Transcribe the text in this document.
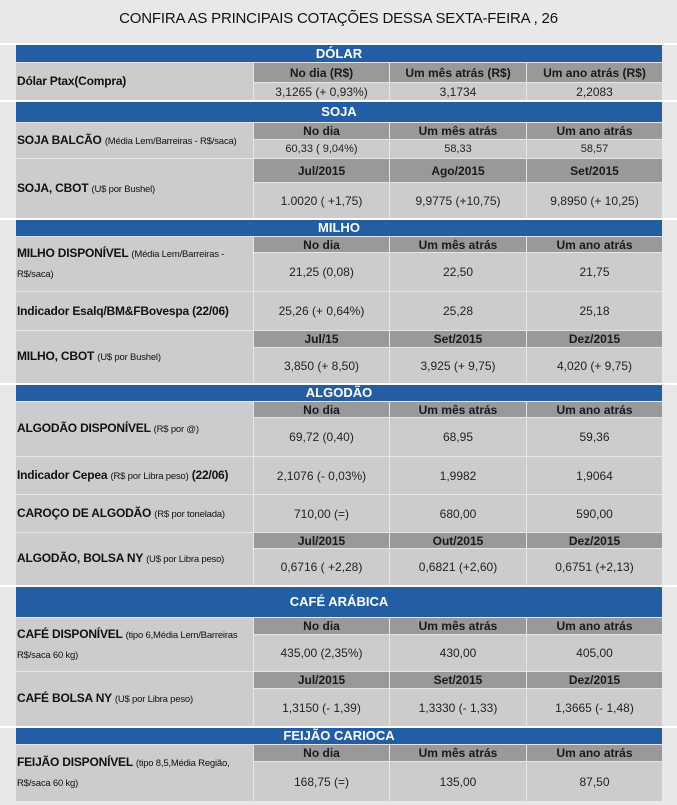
CONFIRA AS PRINCIPAIS COTAÇÕES DESSA SEXTA-FEIRA , 26
DÓLAR
Dólar Ptax(Compra)
No dia (R$)	Um mês atrás (R$)	Um ano atrás (R$)
3,1265 (+ 0,93%)	3,1734	2,2083
SOJA
SOJA BALCÃO (Média Lem/Barreiras - R$/saca)
No dia	Um mês atrás	Um ano atrás
60,33 ( 9,04%)	58,33	58,57
SOJA, CBOT (U$ por Bushel)
Jul/2015	Ago/2015	Set/2015
1.0020 ( +1,75)	9,9775 (+10,75)	9,8950 (+ 10,25)
MILHO
MILHO DISPONÍVEL (Média Lem/Barreiras - R$/saca)
No dia	Um mês atrás	Um ano atrás
21,25 (0,08)	22,50	21,75
Indicador Esalq/BM&FBovespa (22/06)	25,26 (+ 0,64%)	25,28	25,18
MILHO, CBOT (U$ por Bushel)
Jul/15	Set/2015	Dez/2015
3,850 (+ 8,50)	3,925 (+ 9,75)	4,020 (+ 9,75)
ALGODÃO
ALGODÃO DISPONÍVEL (R$ por @)
No dia	Um mês atrás	Um ano atrás
69,72 (0,40)	68,95	59,36
Indicador Cepea (R$ por Libra peso) (22/06)	2,1076 (- 0,03%)	1,9982	1,9064
CAROÇO DE ALGODÃO (R$ por tonelada)	710,00 (=)	680,00	590,00
ALGODÃO, BOLSA NY (U$ por Libra peso)
Jul/2015	Out/2015	Dez/2015
0,6716 ( +2,28)	0,6821 (+2,60)	0,6751 (+2,13)
CAFÉ ARÁBICA
CAFÉ DISPONÍVEL (tipo 6,Média Lem/Barreiras R$/saca 60 kg)
No dia	Um mês atrás	Um ano atrás
435,00 (2,35%)	430,00	405,00
CAFÉ BOLSA NY (U$ por Libra peso)
Jul/2015	Set/2015	Dez/2015
1,3150 (- 1,39)	1,3330 (- 1,33)	1,3665 (- 1,48)
FEIJÃO CARIOCA
FEIJÃO DISPONÍVEL (tipo 8,5,Média Região, R$/saca 60 kg)
No dia	Um mês atrás	Um ano atrás
168,75 (=)	135,00	87,50
